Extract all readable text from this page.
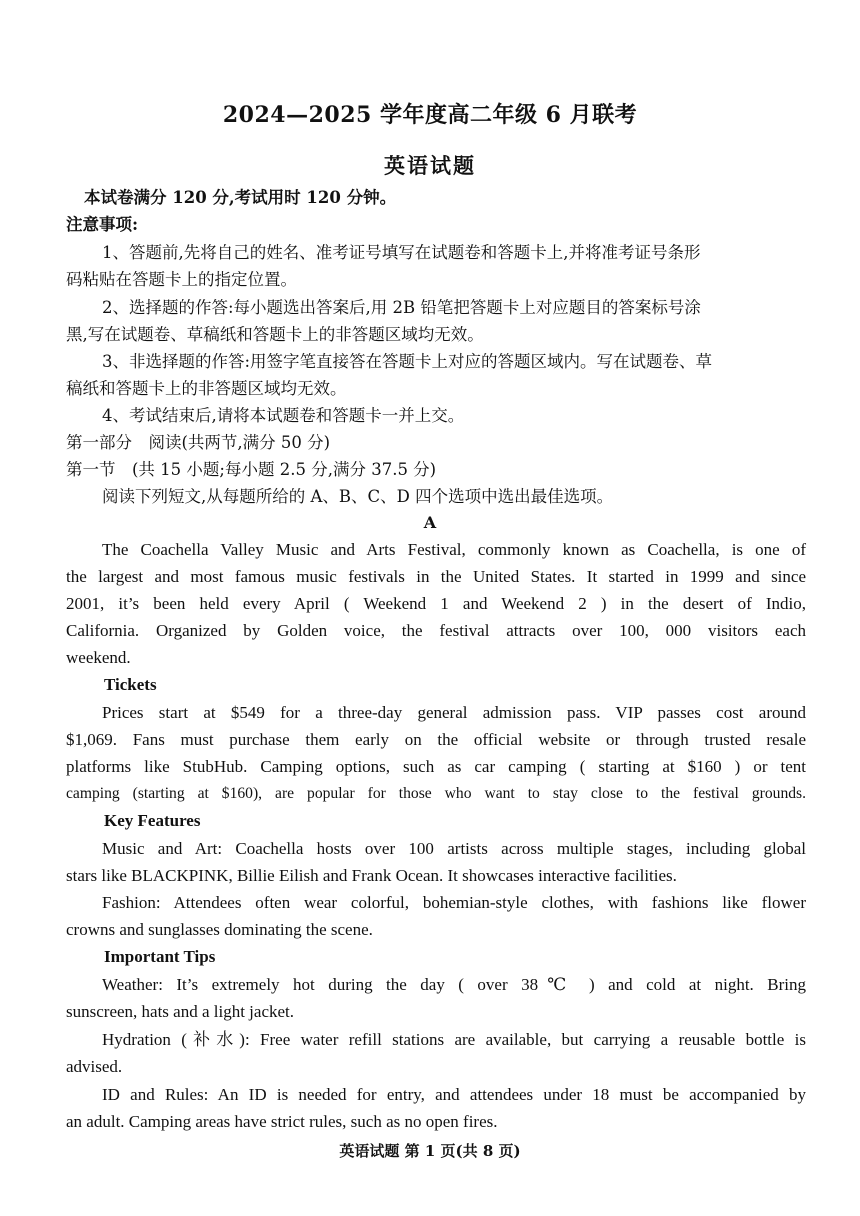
2024—2025 学年度高二年级 6 月联考
英语试题
本试卷满分 120 分,考试用时 120 分钟。
注意事项:
1、答题前,先将自己的姓名、准考证号填写在试题卷和答题卡上,并将准考证号条形
码粘贴在答题卡上的指定位置。
2、选择题的作答:每小题选出答案后,用 2B 铅笔把答题卡上对应题目的答案标号涂
黑,写在试题卷、草稿纸和答题卡上的非答题区域均无效。
3、非选择题的作答:用签字笔直接答在答题卡上对应的答题区域内。写在试题卷、草
稿纸和答题卡上的非答题区域均无效。
4、考试结束后,请将本试题卷和答题卡一并上交。
第一部分　阅读(共两节,满分 50 分)
第一节　(共 15 小题;每小题 2.5 分,满分 37.5 分)
阅读下列短文,从每题所给的 A、B、C、D 四个选项中选出最佳选项。
A
The Coachella Valley Music and Arts Festival, commonly known as Coachella, is one of
the largest and most famous music festivals in the United States. It started in 1999 and since
2001, it’s been held every April ( Weekend 1 and Weekend 2 ) in the desert of Indio,
California. Organized by Golden voice, the festival attracts over 100, 000 visitors each
weekend.
Tickets
Prices start at $549 for a three-day general admission pass. VIP passes cost around
$1,069. Fans must purchase them early on the official website or through trusted resale
platforms like StubHub. Camping options, such as car camping ( starting at $160 ) or tent
camping (starting at $160), are popular for those who want to stay close to the festival grounds.
Key Features
Music and Art: Coachella hosts over 100 artists across multiple stages, including global
stars like BLACKPINK, Billie Eilish and Frank Ocean. It showcases interactive facilities.
Fashion: Attendees often wear colorful, bohemian-style clothes, with fashions like flower
crowns and sunglasses dominating the scene.
Important Tips
Weather: It’s extremely hot during the day ( over 38℃ ) and cold at night. Bring
sunscreen, hats and a light jacket.
Hydration (补水): Free water refill stations are available, but carrying a reusable bottle is
advised.
ID and Rules: An ID is needed for entry, and attendees under 18 must be accompanied by
an adult. Camping areas have strict rules, such as no open fires.
英语试题 第 1 页(共 8 页)
